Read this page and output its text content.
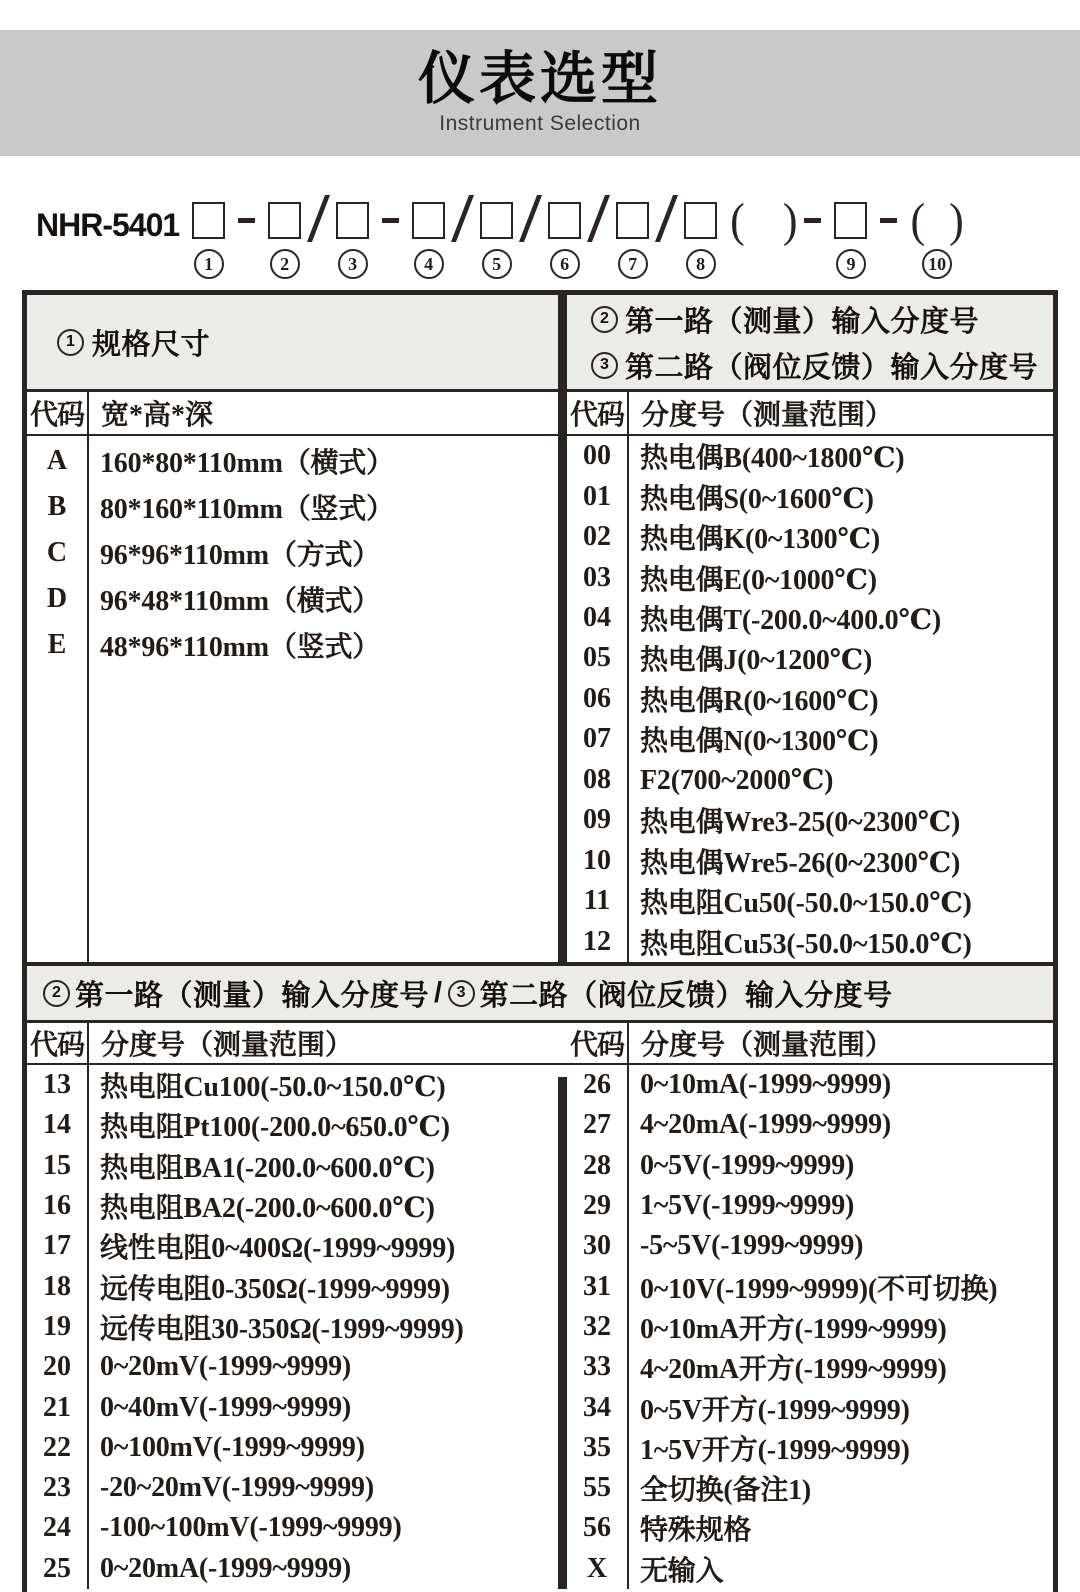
仪表选型
Instrument Selection
NHR-5401
1	2	3	4	5	6	7	8
( )
9
( )
10
1 规格尺寸
代码 宽*高*深
A	160*80*110mm（横式）
B	80*160*110mm（竖式）
C	96*96*110mm（方式）
D	96*48*110mm（横式）
E	48*96*110mm（竖式）
2 第一路（测量）输入分度号
3 第二路（阀位反馈）输入分度号
代码 分度号（测量范围）
00	热电偶B(400~1800℃)
01	热电偶S(0~1600℃)
02	热电偶K(0~1300℃)
03	热电偶E(0~1000℃)
04	热电偶T(-200.0~400.0℃)
05	热电偶J(0~1200℃)
06	热电偶R(0~1600℃)
07	热电偶N(0~1300℃)
08	F2(700~2000℃)
09	热电偶Wre3-25(0~2300℃)
10	热电偶Wre5-26(0~2300℃)
11	热电阻Cu50(-50.0~150.0℃)
12	热电阻Cu53(-50.0~150.0℃)
2 第一路（测量）输入分度号 / 3 第二路（阀位反馈）输入分度号
代码 分度号（测量范围）
13	热电阻Cu100(-50.0~150.0℃)
14	热电阻Pt100(-200.0~650.0℃)
15	热电阻BA1(-200.0~600.0℃)
16	热电阻BA2(-200.0~600.0℃)
17	线性电阻0~400Ω(-1999~9999)
18	远传电阻0-350Ω(-1999~9999)
19	远传电阻30-350Ω(-1999~9999)
20	0~20mV(-1999~9999)
21	0~40mV(-1999~9999)
22	0~100mV(-1999~9999)
23	-20~20mV(-1999~9999)
24	-100~100mV(-1999~9999)
25	0~20mA(-1999~9999)
代码 分度号（测量范围）
26	0~10mA(-1999~9999)
27	4~20mA(-1999~9999)
28	0~5V(-1999~9999)
29	1~5V(-1999~9999)
30	-5~5V(-1999~9999)
31	0~10V(-1999~9999)(不可切换)
32	0~10mA开方(-1999~9999)
33	4~20mA开方(-1999~9999)
34	0~5V开方(-1999~9999)
35	1~5V开方(-1999~9999)
55	全切换(备注1)
56	特殊规格
X	无输入
